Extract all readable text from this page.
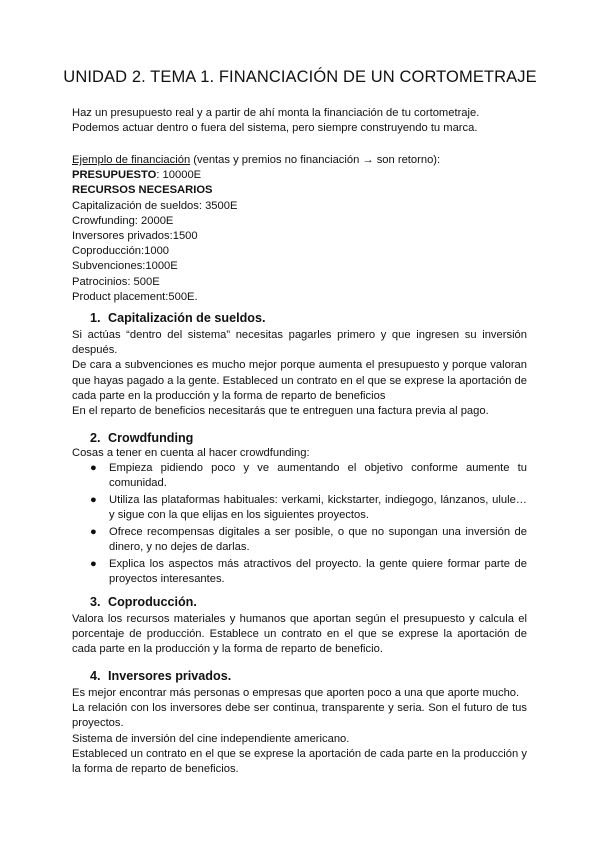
UNIDAD 2. TEMA 1. FINANCIACIÓN DE UN CORTOMETRAJE

Haz un presupuesto real y a partir de ahí monta la financiación de tu cortometraje. Podemos actuar dentro o fuera del sistema, pero siempre construyendo tu marca.

Ejemplo de financiación (ventas y premios no financiación → son retorno):
PRESUPUESTO: 10000E
RECURSOS NECESARIOS
Capitalización de sueldos: 3500E
Crowfunding: 2000E
Inversores privados:1500
Coproducción:1000
Subvenciones:1000E
Patrocinios: 500E
Product placement:500E.
1. Capitalización de sueldos.

Si actúas “dentro del sistema” necesitas pagarles primero y que ingresen su inversión después.

De cara a subvenciones es mucho mejor porque aumenta el presupuesto y porque valoran que hayas pagado a la gente. Estableced un contrato en el que se exprese la aportación de cada parte en la producción y la forma de reparto de beneficios

En el reparto de beneficios necesitarás que te entreguen una factura previa al pago.

2. Crowdfunding

Cosas a tener en cuenta al hacer crowdfunding:

● Empieza pidiendo poco y ve aumentando el objetivo conforme aumente tu comunidad.
● Utiliza las plataformas habituales: verkami, kickstarter, indiegogo, lánzanos, ulule… y sigue con la que elijas en los siguientes proyectos.
● Ofrece recompensas digitales a ser posible, o que no supongan una inversión de dinero, y no dejes de darlas.
● Explica los aspectos más atractivos del proyecto. la gente quiere formar parte de proyectos interesantes.
3. Coproducción.

Valora los recursos materiales y humanos que aportan según el presupuesto y calcula el porcentaje de producción. Establece un contrato en el que se exprese la aportación de cada parte en la producción y la forma de reparto de beneficio.

4. Inversores privados.

Es mejor encontrar más personas o empresas que aporten poco a una que aporte mucho.

La relación con los inversores debe ser continua, transparente y seria. Son el futuro de tus proyectos.

Sistema de inversión del cine independiente americano.

Estableced un contrato en el que se exprese la aportación de cada parte en la producción y la forma de reparto de beneficios.
